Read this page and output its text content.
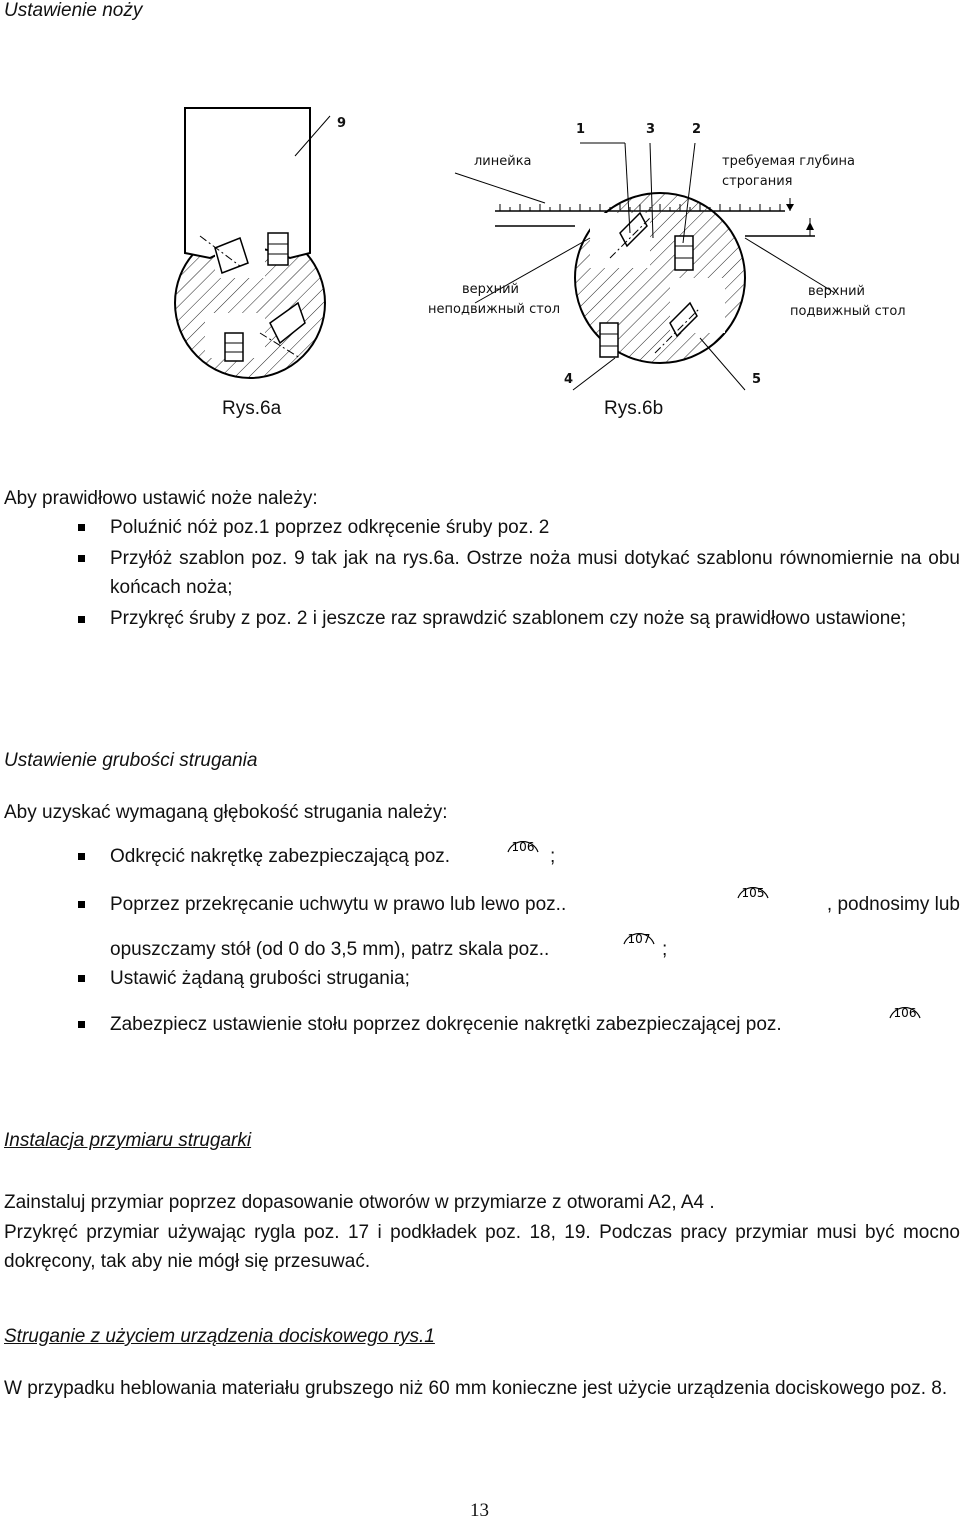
Ustawienie noży
9
Rys.6a
1	3	2
4	5
линейка	требуемая глубина
строгания
верхний
неподвижный стол
верхний
подвижный стол
Rys.6b
Aby prawidłowo ustawić noże należy:
Poluźnić nóż poz.1 poprzez odkręcenie śruby poz. 2
Przyłóż szablon poz. 9 tak jak na rys.6a. Ostrze noża musi dotykać szablonu równomiernie na obu końcach noża;
Przykręć śruby z poz. 2 i jeszcze raz sprawdzić szablonem czy noże są prawidłowo ustawione;
Ustawienie grubości strugania
Aby uzyskać wymaganą głębokość strugania należy:
Odkręcić nakrętkę zabezpieczającą poz.	106 ;
Poprzez przekręcanie uchwytu w prawo lub lewo poz..
105
, podnosimy lub
opuszczamy stół (od 0 do 3,5 mm), patrz skala poz..	107 ;
Ustawić żądaną grubości strugania;
Zabezpiecz ustawienie stołu poprzez dokręcenie nakrętki zabezpieczającej poz.
106
Instalacja przymiaru strugarki
Zainstaluj przymiar poprzez dopasowanie otworów w przymiarze z otworami A2, A4 .
Przykręć przymiar używając rygla poz. 17 i podkładek poz. 18, 19. Podczas pracy przymiar musi być mocno dokręcony, tak aby nie mógł się przesuwać.
Struganie z użyciem urządzenia dociskowego rys.1
W przypadku heblowania materiału grubszego niż 60 mm konieczne jest użycie urządzenia dociskowego poz. 8.
13
